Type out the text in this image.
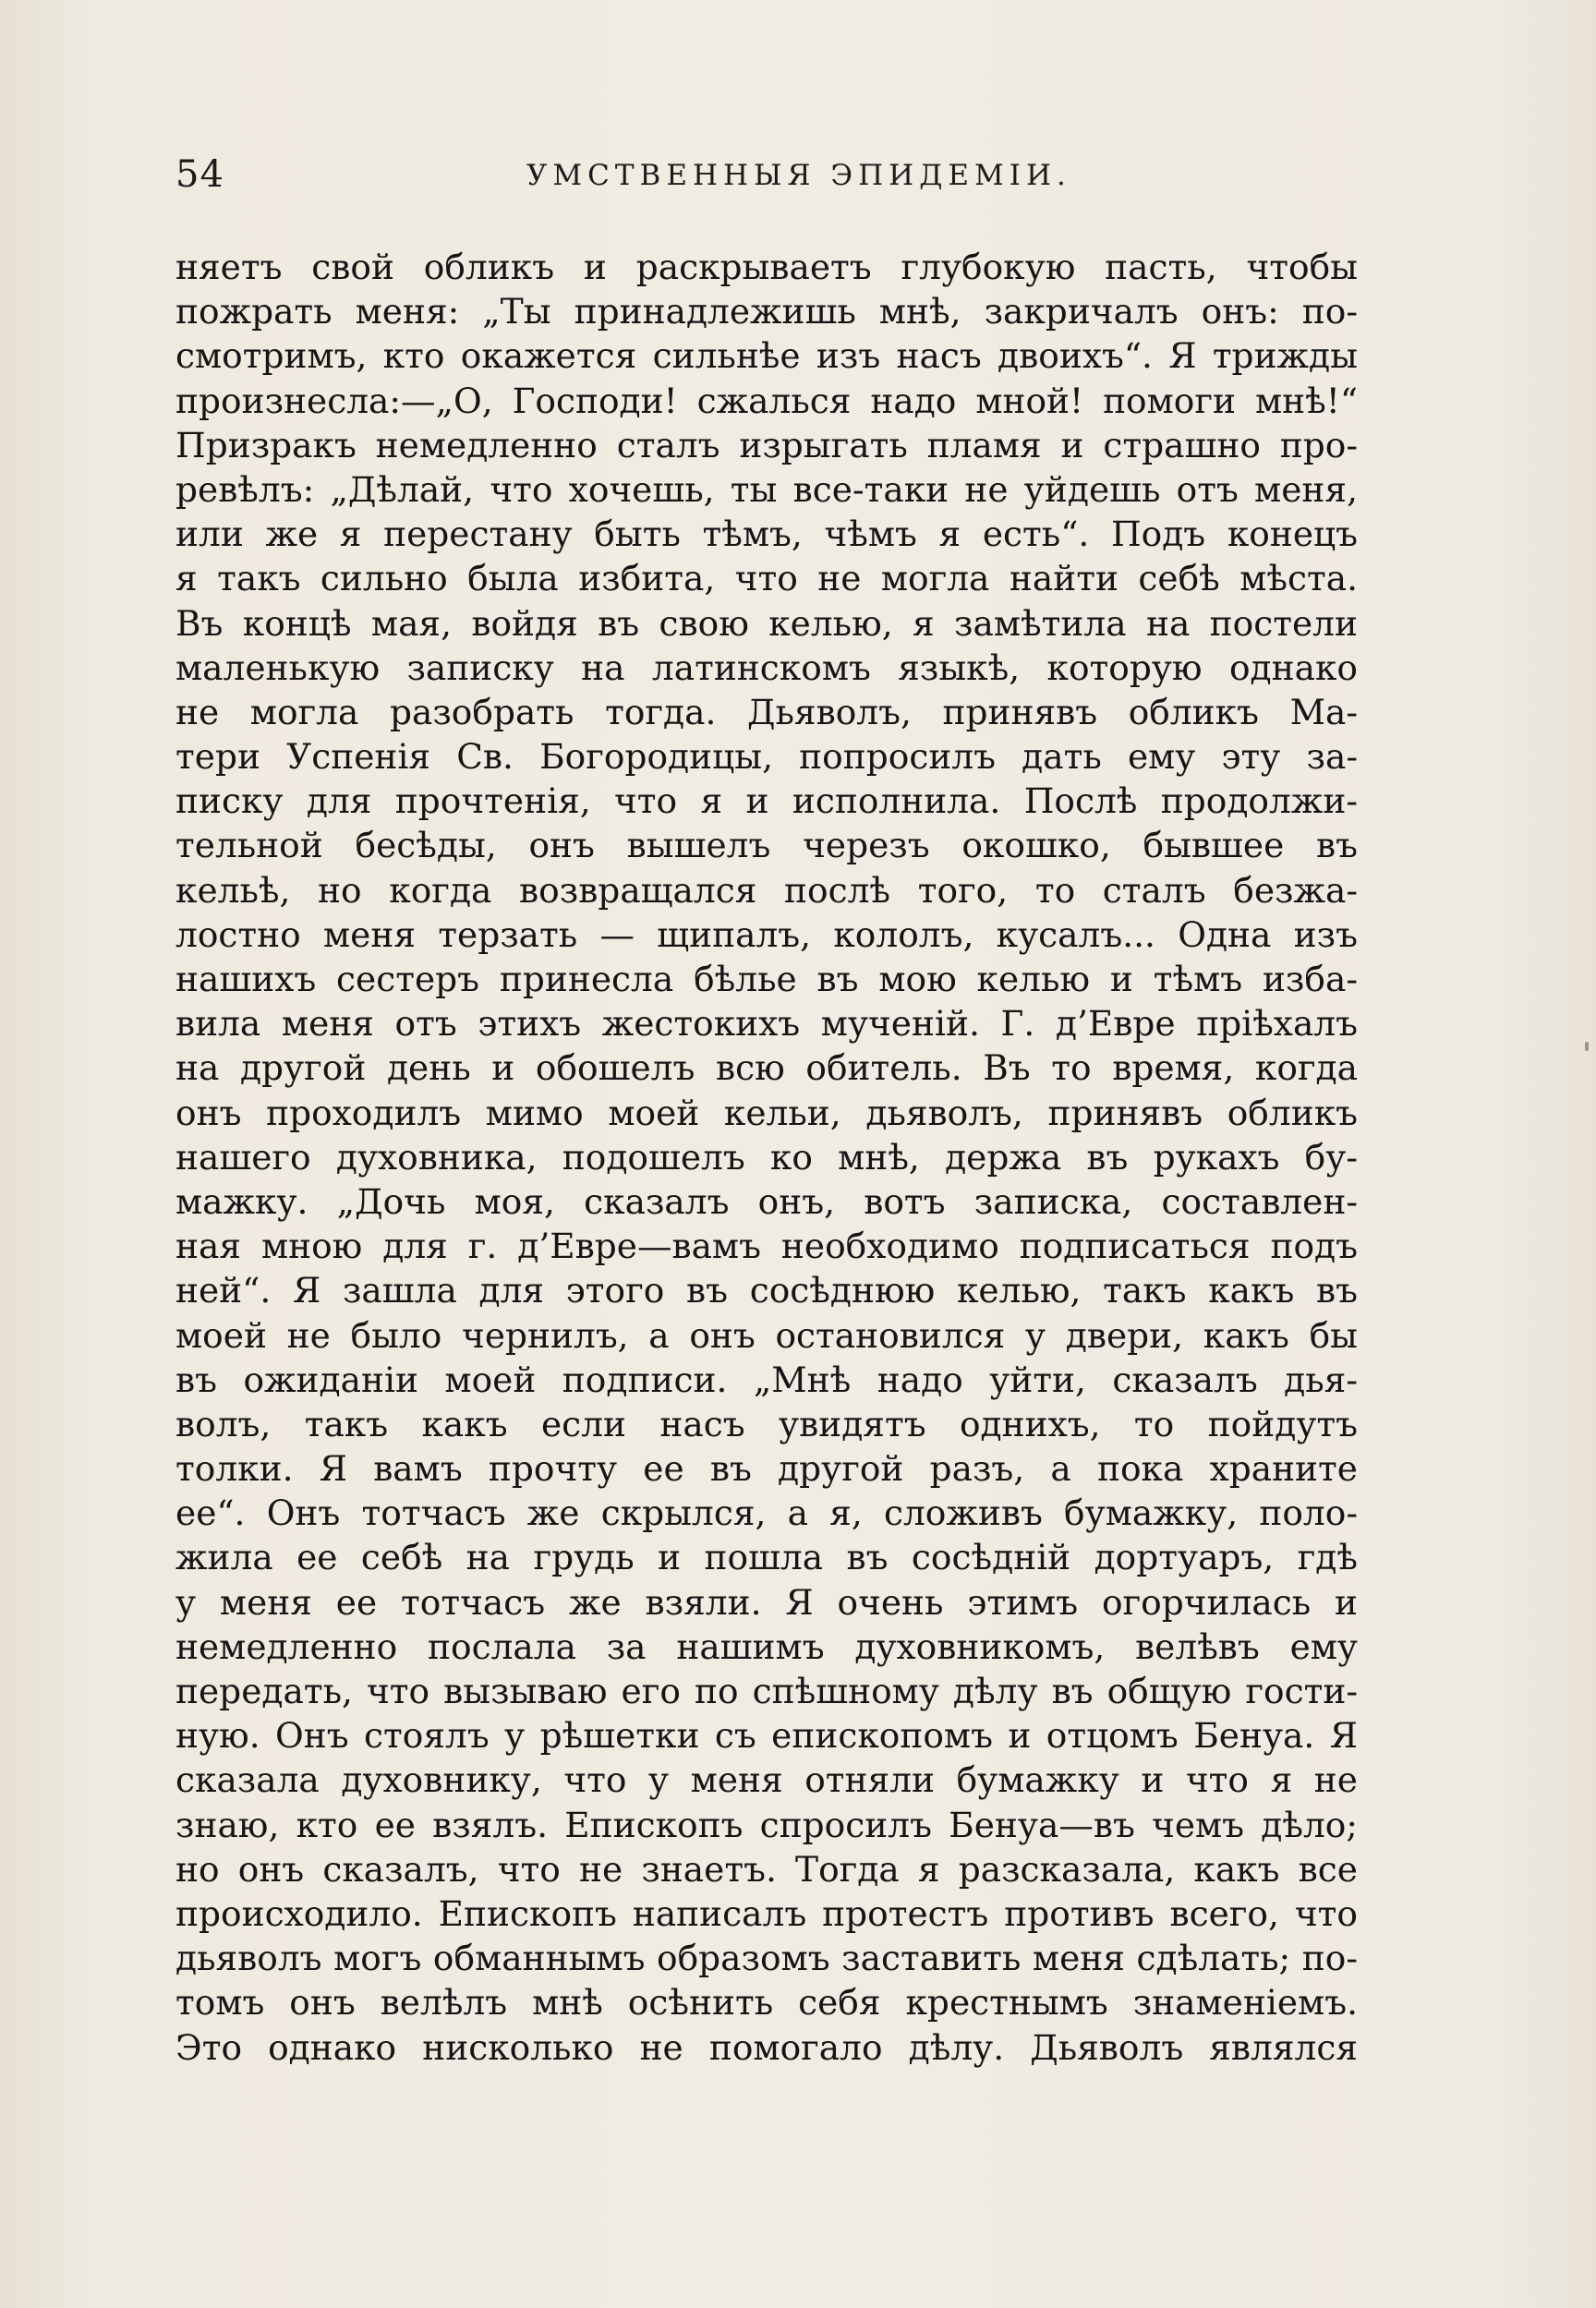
54	УМСТВЕННЫЯ ЭПИДЕМІИ.
няетъ свой обликъ и раскрываетъ глубокую пасть, чтобы
пожрать меня: „Ты принадлежишь мнѣ, закричалъ онъ: по-
смотримъ, кто окажется сильнѣе изъ насъ двоихъ“. Я трижды
произнесла:—„О, Господи! сжалься надо мной! помоги мнѣ!“
Призракъ немедленно сталъ изрыгать пламя и страшно про-
ревѣлъ: „Дѣлай, что хочешь, ты все-таки не уйдешь отъ меня,
или же я перестану быть тѣмъ, чѣмъ я есть“. Подъ конецъ
я такъ сильно была избита, что не могла найти себѣ мѣста.
Въ концѣ мая, войдя въ свою келью, я замѣтила на постели
маленькую записку на латинскомъ языкѣ, которую однако
не могла разобрать тогда. Дьяволъ, принявъ обликъ Ма-
тери Успенія Св. Богородицы, попросилъ дать ему эту за-
писку для прочтенія, что я и исполнила. Послѣ продолжи-
тельной бесѣды, онъ вышелъ черезъ окошко, бывшее въ
кельѣ, но когда возвращался послѣ того, то сталъ безжа-
лостно меня терзать — щипалъ, кололъ, кусалъ... Одна изъ
нашихъ сестеръ принесла бѣлье въ мою келью и тѣмъ изба-
вила меня отъ этихъ жестокихъ мученій. Г. д’Евре пріѣхалъ
на другой день и обошелъ всю обитель. Въ то время, когда
онъ проходилъ мимо моей кельи, дьяволъ, принявъ обликъ
нашего духовника, подошелъ ко мнѣ, держа въ рукахъ бу-
мажку. „Дочь моя, сказалъ онъ, вотъ записка, составлен-
ная мною для г. д’Евре—вамъ необходимо подписаться подъ
ней“. Я зашла для этого въ сосѣднюю келью, такъ какъ въ
моей не было чернилъ, а онъ остановился у двери, какъ бы
въ ожиданіи моей подписи. „Мнѣ надо уйти, сказалъ дья-
волъ, такъ какъ если насъ увидятъ однихъ, то пойдутъ
толки. Я вамъ прочту ее въ другой разъ, а пока храните
ее“. Онъ тотчасъ же скрылся, а я, сложивъ бумажку, поло-
жила ее себѣ на грудь и пошла въ сосѣдній дортуаръ, гдѣ
у меня ее тотчасъ же взяли. Я очень этимъ огорчилась и
немедленно послала за нашимъ духовникомъ, велѣвъ ему
передать, что вызываю его по спѣшному дѣлу въ общую гости-
ную. Онъ стоялъ у рѣшетки съ епископомъ и отцомъ Бенуа. Я
сказала духовнику, что у меня отняли бумажку и что я не
знаю, кто ее взялъ. Епископъ спросилъ Бенуа—въ чемъ дѣло;
но онъ сказалъ, что не знаетъ. Тогда я разсказала, какъ все
происходило. Епископъ написалъ протестъ противъ всего, что
дьяволъ могъ обманнымъ образомъ заставить меня сдѣлать; по-
томъ онъ велѣлъ мнѣ осѣнить себя крестнымъ знаменіемъ.
Это однако нисколько не помогало дѣлу. Дьяволъ являлся
